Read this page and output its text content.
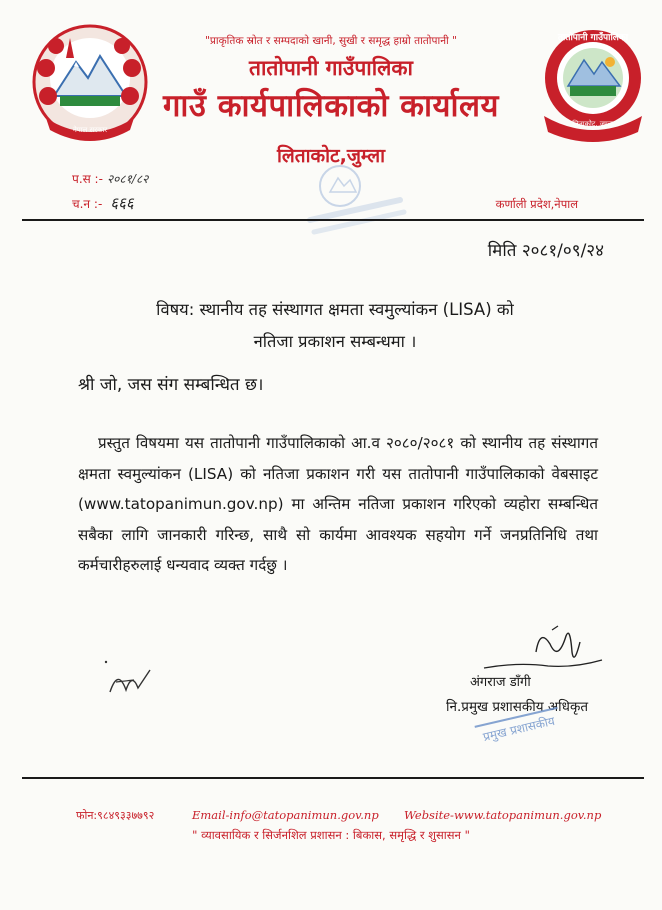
नेपाल सरकार
तातोपानी गाउँपालिका
लिताकोट, जुम्ला
"प्राकृतिक स्रोत र सम्पदाको खानी, सुखी र समृद्ध हाम्रो तातोपानी "
तातोपानी गाउँपालिका
गाउँ कार्यपालिकाको कार्यालय
लिताकोट,जुम्ला
प.स :- २०८१/८२
च.न :- ६६६	कर्णाली प्रदेश,नेपाल
मिति २०८१/०९/२४
विषय: स्थानीय तह संस्थागत क्षमता स्वमुल्यांकन (LISA) को
नतिजा प्रकाशन सम्बन्धमा ।
श्री जो, जस संग सम्बन्धित छ।

प्रस्तुत विषयमा यस तातोपानी गाउँपालिकाको आ.व २०८०/२०८१ को स्थानीय तह संस्थागत क्षमता स्वमुल्यांकन (LISA) को नतिजा प्रकाशन गरी यस तातोपानी गाउँपालिकाको वेबसाइट (www.tatopanimun.gov.np) मा अन्तिम नतिजा प्रकाशन गरिएको व्यहोरा सम्बन्धित सबैका लागि जानकारी गरिन्छ, साथै सो कार्यमा आवश्यक सहयोग गर्ने जनप्रतिनिधि तथा कर्मचारीहरुलाई धन्यवाद व्यक्त गर्दछु ।

अंगराज डाँगी
नि.प्रमुख प्रशासकीय अधिकृत
प्रमुख प्रशासकीय
फोन:९८४९३३७७९२	Email-info@tatopanimun.gov.np Website-www.tatopanimun.gov.np
" व्यावसायिक र सिर्जनशिल प्रशासन : बिकास, समृद्धि र शुसासन "
